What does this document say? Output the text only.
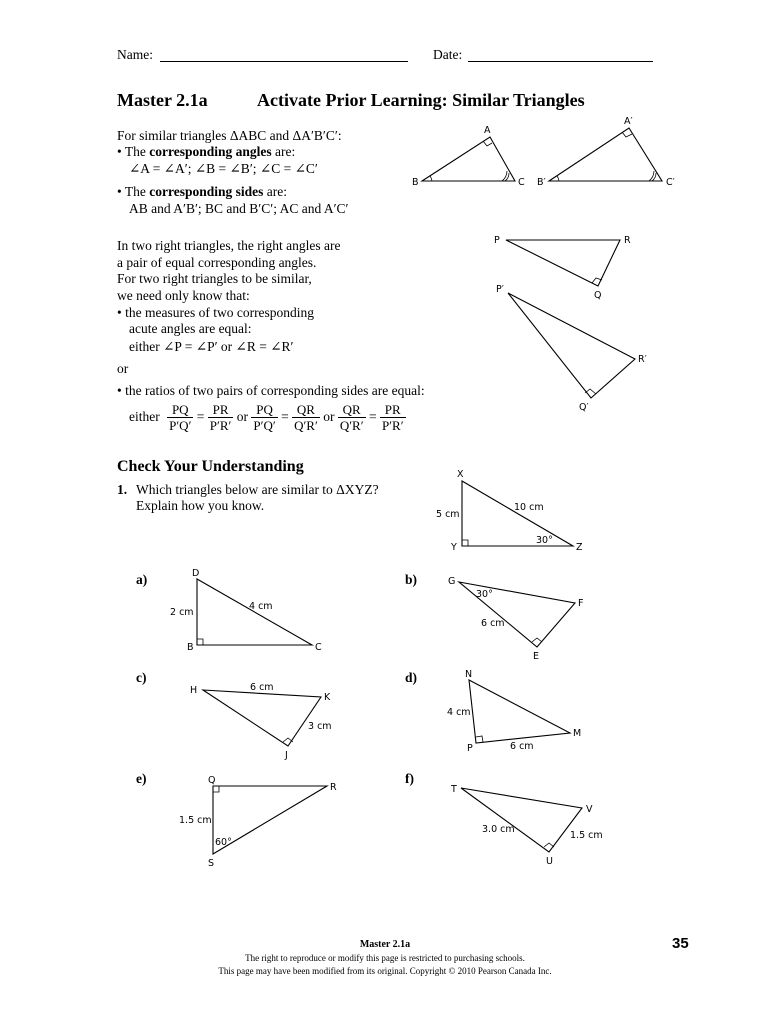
Name:	Date:
Master 2.1a	Activate Prior Learning: Similar Triangles
For similar triangles ΔABC and ΔA′B′C′:
• The corresponding angles are:
∠A = ∠A′; ∠B = ∠B′; ∠C = ∠C′
• The corresponding sides are:
AB and A′B′; BC and B′C′; AC and A′C′
In two right triangles, the right angles are
a pair of equal corresponding angles.
For two right triangles to be similar,
we need only know that:
• the measures of two corresponding
acute angles are equal:
either ∠P = ∠P′ or ∠R = ∠R′
or
• the ratios of two pairs of corresponding sides are equal:
either $\frac{PQ}{P'Q'} = \frac{PR}{P'R'}$ or $\frac{PQ}{P'Q'} = \frac{QR}{Q'R'}$ or $\frac{QR}{Q'R'} = \frac{PR}{P'R'}$
Check Your Understanding
1. Which triangles below are similar to ΔXYZ?
Explain how you know.
a)	b)
c)	d)
e)	f)
A
B	C
A′
B′	C′
P	R
Q
P′
R′
Q′
X
Y	Z
5 cm
10 cm
30°
D
B	C
2 cm
4 cm
G
F
E
30°
6 cm
H
K
J
6 cm
3 cm
N
P
M
4 cm
6 cm
Q
R
S
1.5 cm
60°
T
V
U
3.0 cm
1.5 cm
Master 2.1a	35
The right to reproduce or modify this page is restricted to purchasing schools.
This page may have been modified from its original. Copyright © 2010 Pearson Canada Inc.
